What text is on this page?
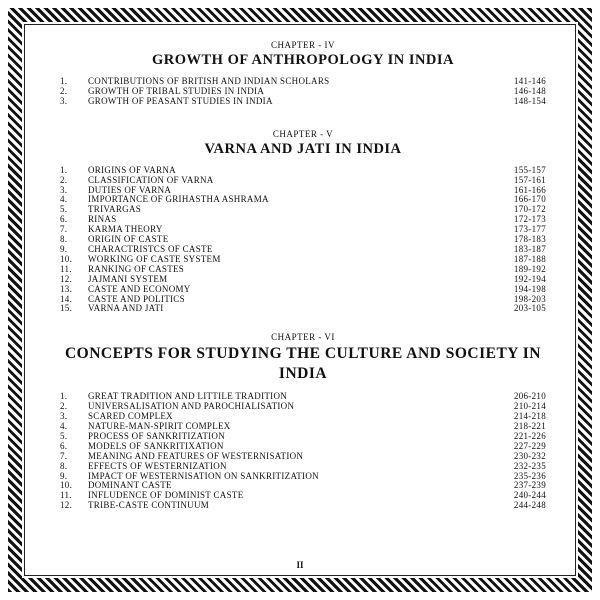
CHAPTER - IV
GROWTH OF ANTHROPOLOGY IN INDIA
1.	CONTRIBUTIONS OF BRITISH AND INDIAN SCHOLARS	141-146
2.	GROWTH OF TRIBAL STUDIES IN INDIA	146-148
3.	GROWTH OF PEASANT STUDIES IN INDIA	148-154
CHAPTER - V
VARNA AND JATI IN INDIA
1.	ORIGINS OF VARNA	155-157
2.	CLASSIFICATION OF VARNA	157-161
3.	DUTIES OF VARNA	161-166
4.	IMPORTANCE OF GRIHASTHA ASHRAMA	166-170
5.	TRIVARGAS	170-172
6.	RINAS	172-173
7.	KARMA THEORY	173-177
8.	ORIGIN OF CASTE	178-183
9.	CHARACTRISTCS OF CASTE	183-187
10.	WORKING OF CASTE SYSTEM	187-188
11.	RANKING OF CASTES	189-192
12.	JAJMANI SYSTEM	192-194
13.	CASTE AND ECONOMY	194-198
14.	CASTE AND POLITICS	198-203
15.	VARNA AND JATI	203-105
CHAPTER - VI
CONCEPTS FOR STUDYING THE CULTURE AND SOCIETY IN INDIA
1.	GREAT TRADITION AND LITTILE TRADITION	206-210
2.	UNIVERSALISATION AND PAROCHIALISATION	210-214
3.	SCARED COMPLEX	214-218
4.	NATURE-MAN-SPIRIT COMPLEX	218-221
5.	PROCESS OF SANKRITIZATION	221-226
6.	MODELS OF SANKRITIXATION	227-229
7.	MEANING AND FEATURES OF WESTERNISATION	230-232
8.	EFFECTS OF WESTERNIZATION	232-235
9.	IMPACT OF WESTERNISATION ON SANKRITIZATION	235-236
10.	DOMINANT CASTE	237-239
11.	INFLUDENCE OF DOMINIST CASTE	240-244
12.	TRIBE-CASTE CONTINUUM	244-248
II
